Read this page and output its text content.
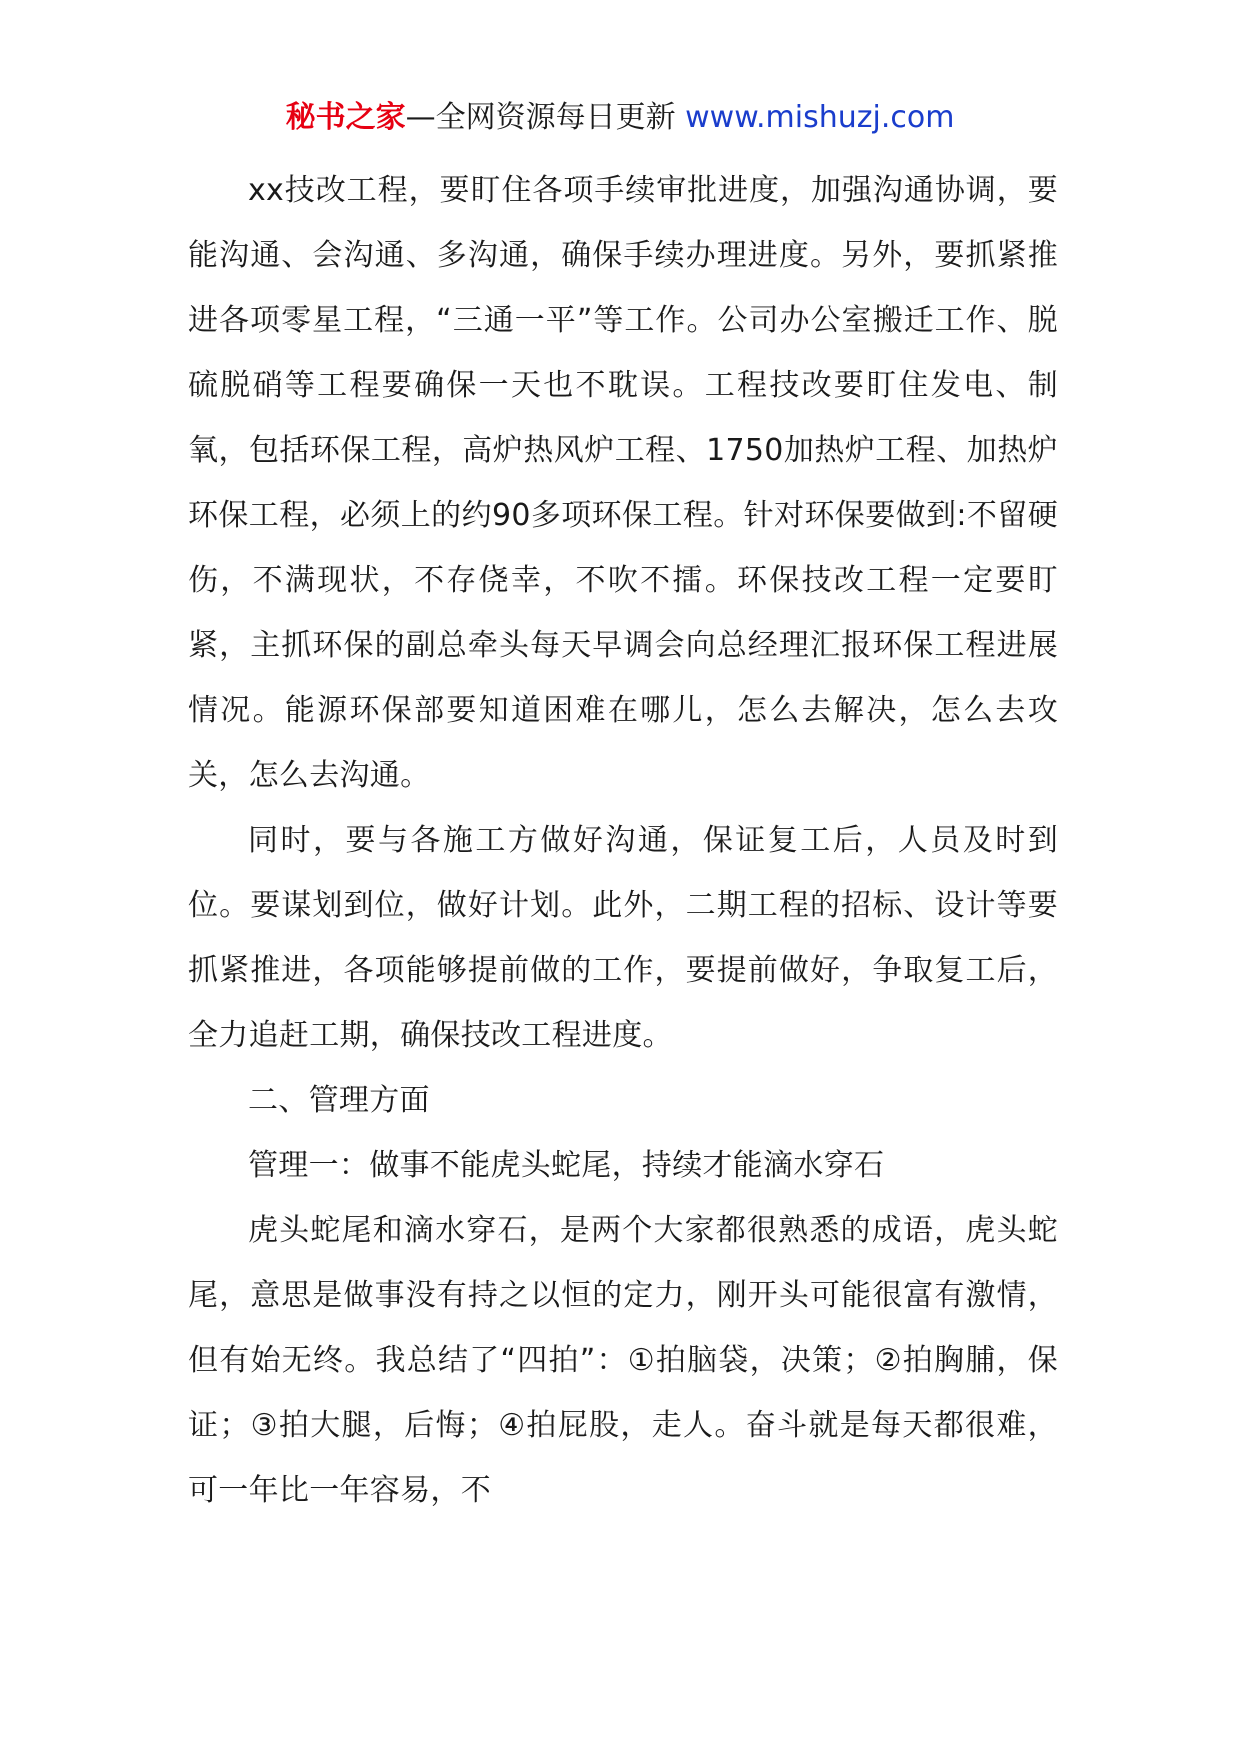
秘书之家—全网资源每日更新 www.mishuzj.com

xx技改工程，要盯住各项手续审批进度，加强沟通协调，要能沟通、会沟通、多沟通，确保手续办理进度。另外，要抓紧推进各项零星工程，“三通一平”等工作。公司办公室搬迁工作、脱硫脱硝等工程要确保一天也不耽误。工程技改要盯住发电、制氧，包括环保工程，高炉热风炉工程、1750加热炉工程、加热炉环保工程，必须上的约90多项环保工程。针对环保要做到:不留硬伤，不满现状，不存侥幸，不吹不擂。环保技改工程一定要盯紧，主抓环保的副总牵头每天早调会向总经理汇报环保工程进展情况。能源环保部要知道困难在哪儿，怎么去解决，怎么去攻关，怎么去沟通。

同时，要与各施工方做好沟通，保证复工后，人员及时到位。要谋划到位，做好计划。此外，二期工程的招标、设计等要抓紧推进，各项能够提前做的工作，要提前做好，争取复工后，全力追赶工期，确保技改工程进度。

二、管理方面

管理一：做事不能虎头蛇尾，持续才能滴水穿石

虎头蛇尾和滴水穿石，是两个大家都很熟悉的成语，虎头蛇尾，意思是做事没有持之以恒的定力，刚开头可能很富有激情，但有始无终。我总结了“四拍”：①拍脑袋，决策；②拍胸脯，保证；③拍大腿，后悔；④拍屁股，走人。奋斗就是每天都很难，可一年比一年容易，不
